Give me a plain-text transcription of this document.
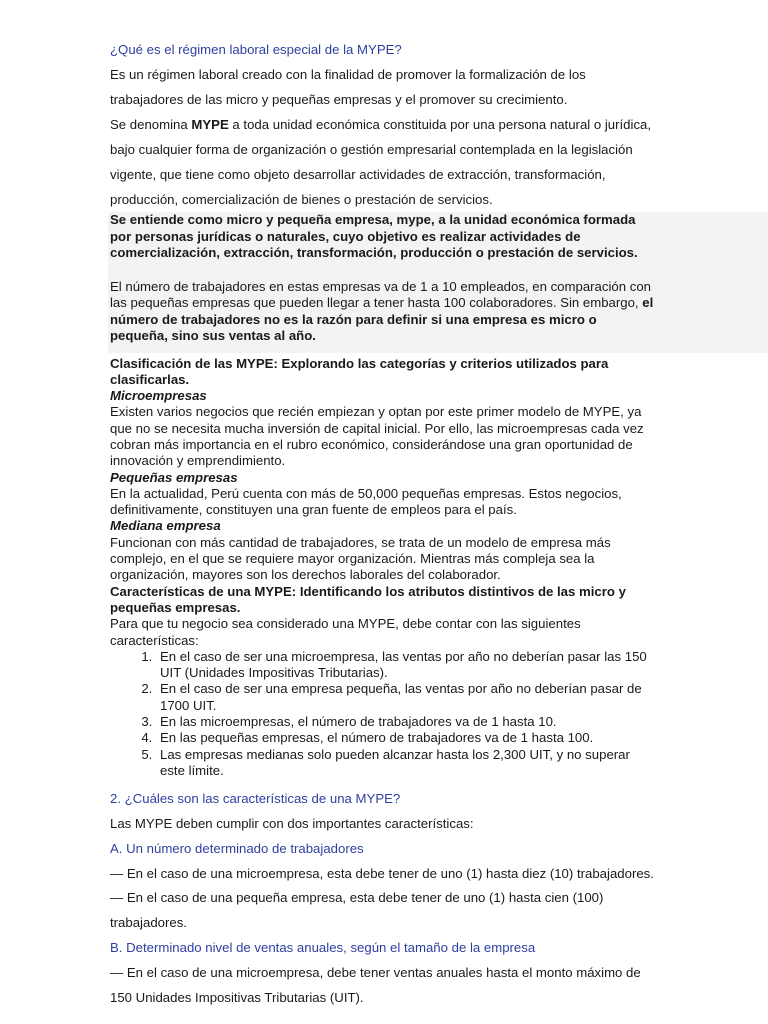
¿Qué es el régimen laboral especial de la MYPE?

Es un régimen laboral creado con la finalidad de promover la formalización de los trabajadores de las micro y pequeñas empresas y el promover su crecimiento.

Se denomina MYPE a toda unidad económica constituida por una persona natural o jurídica, bajo cualquier forma de organización o gestión empresarial contemplada en la legislación vigente, que tiene como objeto desarrollar actividades de extracción, transformación, producción, comercialización de bienes o prestación de servicios.

Se entiende como micro y pequeña empresa, mype, a la unidad económica formada por personas jurídicas o naturales, cuyo objetivo es realizar actividades de comercialización, extracción, transformación, producción o prestación de servicios.

El número de trabajadores en estas empresas va de 1 a 10 empleados, en comparación con las pequeñas empresas que pueden llegar a tener hasta 100 colaboradores. Sin embargo, el número de trabajadores no es la razón para definir si una empresa es micro o pequeña, sino sus ventas al año.

Clasificación de las MYPE: Explorando las categorías y criterios utilizados para clasificarlas.

Microempresas

Existen varios negocios que recién empiezan y optan por este primer modelo de MYPE, ya que no se necesita mucha inversión de capital inicial. Por ello, las microempresas cada vez cobran más importancia en el rubro económico, considerándose una gran oportunidad de innovación y emprendimiento.

Pequeñas empresas

En la actualidad, Perú cuenta con más de 50,000 pequeñas empresas. Estos negocios, definitivamente, constituyen una gran fuente de empleos para el país.

Mediana empresa

Funcionan con más cantidad de trabajadores, se trata de un modelo de empresa más complejo, en el que se requiere mayor organización. Mientras más compleja sea la organización, mayores son los derechos laborales del colaborador.

Características de una MYPE: Identificando los atributos distintivos de las micro y pequeñas empresas.

Para que tu negocio sea considerado una MYPE, debe contar con las siguientes características:

1. En el caso de ser una microempresa, las ventas por año no deberían pasar las 150 UIT (Unidades Impositivas Tributarias).
2. En el caso de ser una empresa pequeña, las ventas por año no deberían pasar de 1700 UIT.
3. En las microempresas, el número de trabajadores va de 1 hasta 10.
4. En las pequeñas empresas, el número de trabajadores va de 1 hasta 100.
5. Las empresas medianas solo pueden alcanzar hasta los 2,300 UIT, y no superar este límite.

2. ¿Cuáles son las características de una MYPE?

Las MYPE deben cumplir con dos importantes características:

A. Un número determinado de trabajadores

— En el caso de una microempresa, esta debe tener de uno (1) hasta diez (10) trabajadores.

— En el caso de una pequeña empresa, esta debe tener de uno (1) hasta cien (100) trabajadores.

B. Determinado nivel de ventas anuales, según el tamaño de la empresa

— En el caso de una microempresa, debe tener ventas anuales hasta el monto máximo de 150 Unidades Impositivas Tributarias (UIT).
